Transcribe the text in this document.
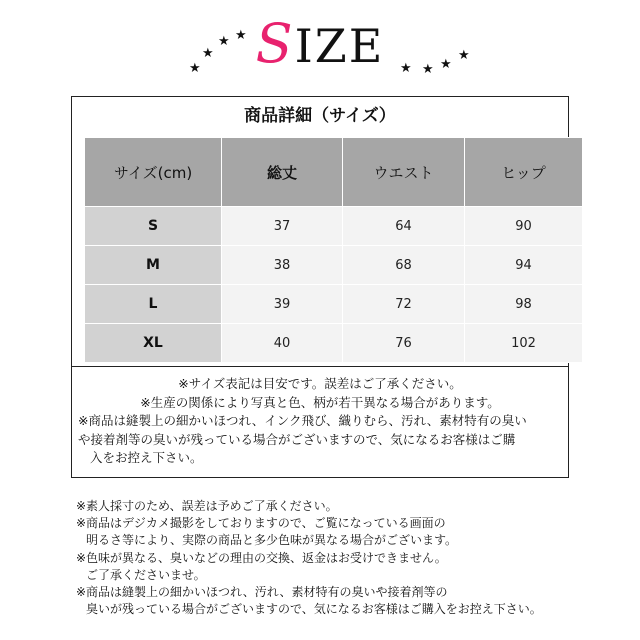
★
★
★ ★
★ ★ ★
★
SIZE
商品詳細（サイズ）
サイズ(cm)	総丈	ウエスト	ヒップ
S	37	64	90
M	38	68	94
L	39	72	98
XL	40	76	102
※サイズ表記は目安です。誤差はご了承ください。
※生産の関係により写真と色、柄が若干異なる場合があります。
※商品は縫製上の細かいほつれ、インク飛び、織りむら、汚れ、素材特有の臭い
や接着剤等の臭いが残っている場合がございますので、気になるお客様はご購
入をお控え下さい。
※素人採寸のため、誤差は予めご了承ください。
※商品はデジカメ撮影をしておりますので、ご覧になっている画面の
明るさ等により、実際の商品と多少色味が異なる場合がございます。
※色味が異なる、臭いなどの理由の交換、返金はお受けできません。
ご了承くださいませ。
※商品は縫製上の細かいほつれ、汚れ、素材特有の臭いや接着剤等の
臭いが残っている場合がございますので、気になるお客様はご購入をお控え下さい。
